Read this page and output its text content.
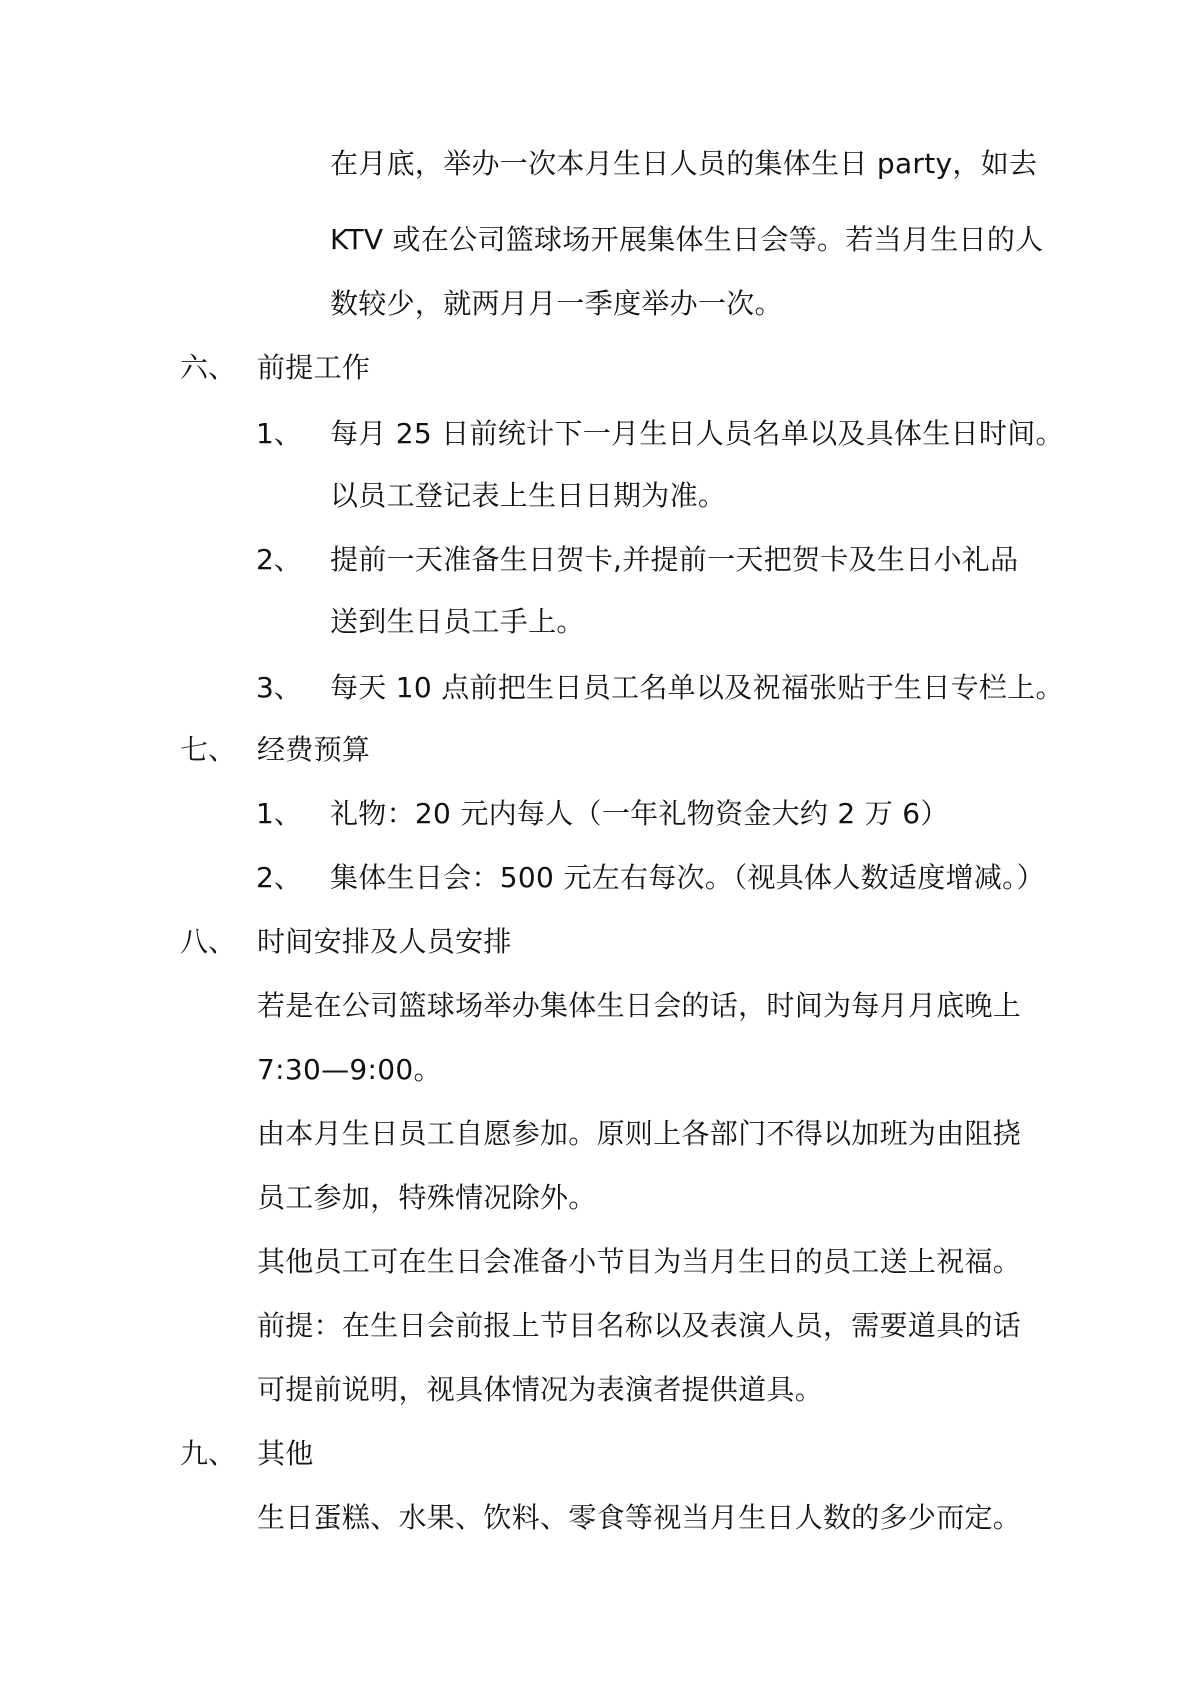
在月底，举办一次本月生日人员的集体生日 party，如去
KTV 或在公司篮球场开展集体生日会等。若当月生日的人
数较少，就两月月一季度举办一次。
六、 前提工作
1、 每月 25 日前统计下一月生日人员名单以及具体生日时间。
以员工登记表上生日日期为准。
2、 提前一天准备生日贺卡,并提前一天把贺卡及生日小礼品
送到生日员工手上。
3、 每天 10 点前把生日员工名单以及祝福张贴于生日专栏上。
七、 经费预算
1、 礼物：20 元内每人（一年礼物资金大约 2 万 6）
2、 集体生日会：500 元左右每次。（视具体人数适度增减。）
八、 时间安排及人员安排
若是在公司篮球场举办集体生日会的话，时间为每月月底晚上
7:30—9:00。
由本月生日员工自愿参加。原则上各部门不得以加班为由阻挠
员工参加，特殊情况除外。
其他员工可在生日会准备小节目为当月生日的员工送上祝福。
前提：在生日会前报上节目名称以及表演人员，需要道具的话
可提前说明，视具体情况为表演者提供道具。
九、 其他
生日蛋糕、水果、饮料、零食等视当月生日人数的多少而定。
